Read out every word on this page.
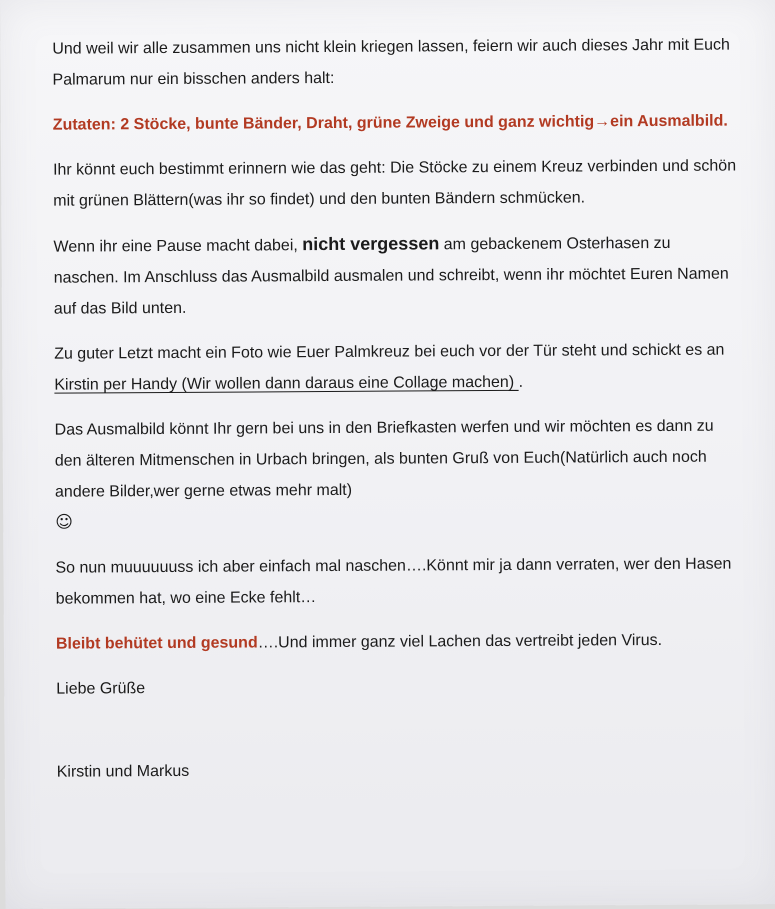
Und weil wir alle zusammen uns nicht klein kriegen lassen, feiern wir auch dieses Jahr mit Euch Palmarum nur ein bisschen anders halt:

Zutaten: 2 Stöcke, bunte Bänder, Draht, grüne Zweige und ganz wichtig→ein Ausmalbild.

Ihr könnt euch bestimmt erinnern wie das geht: Die Stöcke zu einem Kreuz verbinden und schön mit grünen Blättern(was ihr so findet) und den bunten Bändern schmücken.

Wenn ihr eine Pause macht dabei, nicht vergessen am gebackenem Osterhasen zu naschen. Im Anschluss das Ausmalbild ausmalen und schreibt, wenn ihr möchtet Euren Namen auf das Bild unten.

Zu guter Letzt macht ein Foto wie Euer Palmkreuz bei euch vor der Tür steht und schickt es an Kirstin per Handy (Wir wollen dann daraus eine Collage machen) .

Das Ausmalbild könnt Ihr gern bei uns in den Briefkasten werfen und wir möchten es dann zu den älteren Mitmenschen in Urbach bringen, als bunten Gruß von Euch(Natürlich auch noch andere Bilder,wer gerne etwas mehr malt)
☺

So nun muuuuuuss ich aber einfach mal naschen….Könnt mir ja dann verraten, wer den Hasen bekommen hat, wo eine Ecke fehlt…

Bleibt behütet und gesund….Und immer ganz viel Lachen das vertreibt jeden Virus.

Liebe Grüße

Kirstin und Markus
